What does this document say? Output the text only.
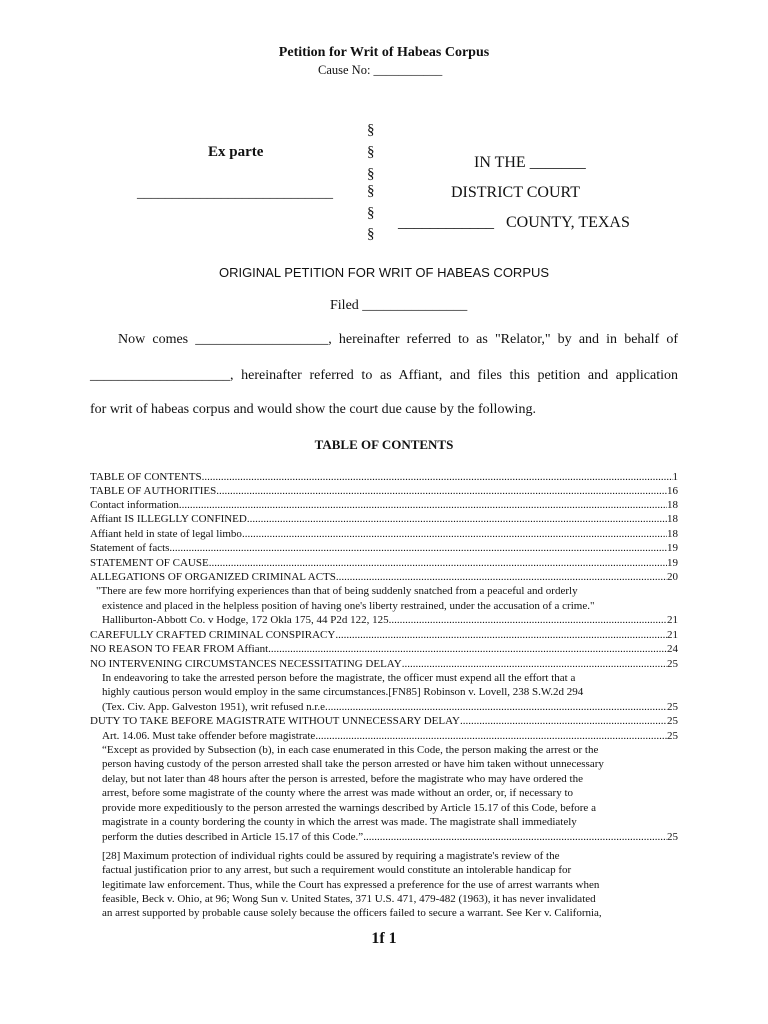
Petition for Writ of Habeas Corpus
Cause No: ___________
Ex parte
____________________________
§
§
§
§
§
§
IN THE _______
DISTRICT COURT
____________   COUNTY, TEXAS
ORIGINAL PETITION FOR WRIT OF HABEAS CORPUS
Filed _______________
Now comes ___________________, hereinafter referred to as "Relator," by and in behalf of
____________________, hereinafter referred to as Affiant, and files this petition and application
for writ of habeas corpus and would show the court due cause by the following.
TABLE OF CONTENTS
TABLE OF CONTENTS .....	1
TABLE OF AUTHORITIES .....	16
Contact information .....	18
Affiant IS ILLEGLLY CONFINED .....	18
Affiant held in state of legal limbo .....	18
Statement of facts .....	19
STATEMENT OF CAUSE .....	19
ALLEGATIONS OF ORGANIZED CRIMINAL ACTS .....	20
"There are few more horrifying experiences than that of being suddenly snatched from a peaceful and orderly
existence and placed in the helpless position of having one's liberty restrained, under the accusation of a crime."
Halliburton-Abbott Co. v Hodge, 172 Okla 175, 44 P2d 122, 125 .....	21
CAREFULLY CRAFTED CRIMINAL CONSPIRACY .....	21
NO REASON TO FEAR FROM Affiant .....	24
NO INTERVENING CIRCUMSTANCES NECESSITATING DELAY .....	25
In endeavoring to take the arrested person before the magistrate, the officer must expend all the effort that a
highly cautious person would employ in the same circumstances.[FN85] Robinson v. Lovell, 238 S.W.2d 294
(Tex. Civ. App. Galveston 1951), writ refused n.r.e. .....	25
DUTY TO TAKE BEFORE MAGISTRATE WITHOUT UNNECESSARY DELAY .....	25
Art. 14.06. Must take offender before magistrate .....	25
“Except as provided by Subsection (b), in each case enumerated in this Code, the person making the arrest or the
person having custody of the person arrested shall take the person arrested or have him taken without unnecessary
delay, but not later than 48 hours after the person is arrested, before the magistrate who may have ordered the
arrest, before some magistrate of the county where the arrest was made without an order, or, if necessary to
provide more expeditiously to the person arrested the warnings described by Article 15.17 of this Code, before a
magistrate in a county bordering the county in which the arrest was made. The magistrate shall immediately
perform the duties described in Article 15.17 of this Code.” .....	25
[28] Maximum protection of individual rights could be assured by requiring a magistrate's review of the
factual justification prior to any arrest, but such a requirement would constitute an intolerable handicap for
legitimate law enforcement. Thus, while the Court has expressed a preference for the use of arrest warrants when
feasible, Beck v. Ohio, at 96; Wong Sun v. United States, 371 U.S. 471, 479-482 (1963), it has never invalidated
an arrest supported by probable cause solely because the officers failed to secure a warrant. See Ker v. California,
1f 1
